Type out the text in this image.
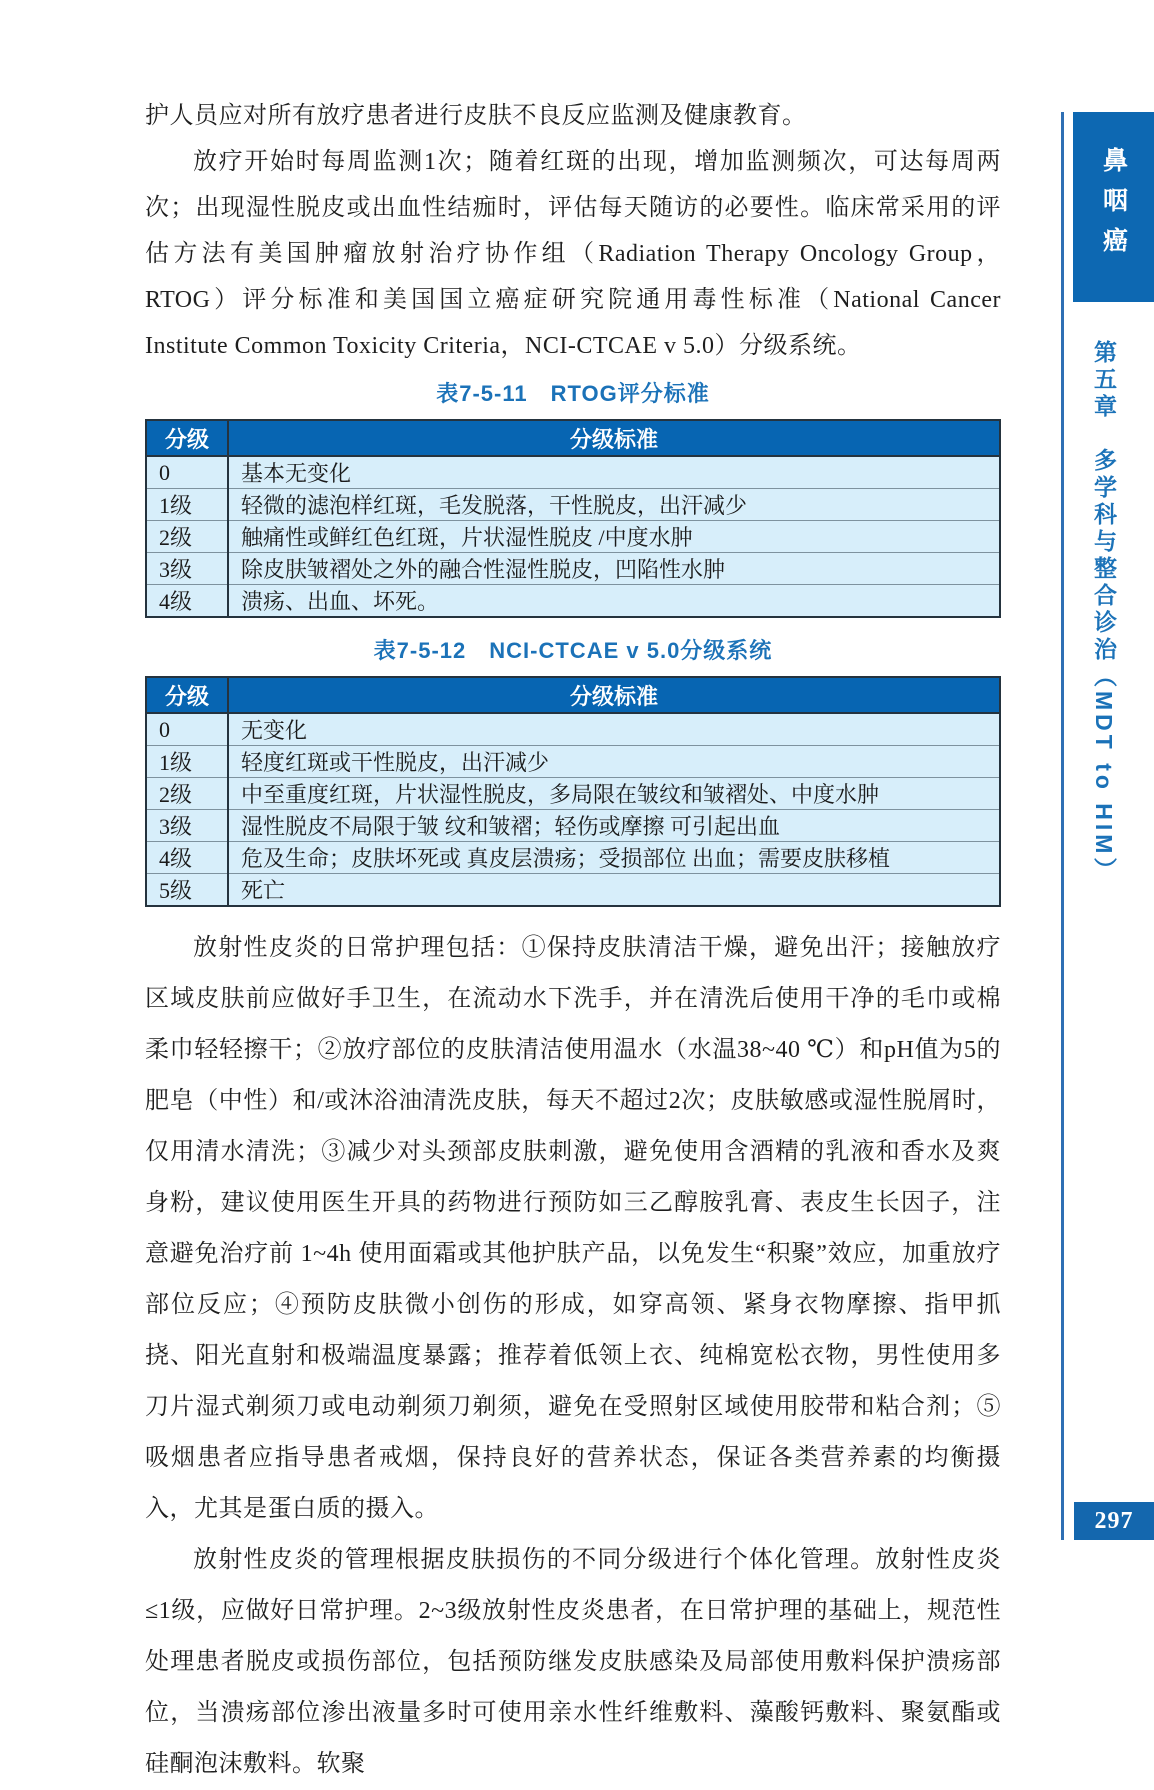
护人员应对所有放疗患者进行皮肤不良反应监测及健康教育。

放疗开始时每周监测1次；随着红斑的出现，增加监测频次，可达每周两次；出现湿性脱皮或出血性结痂时，评估每天随访的必要性。临床常采用的评估方法有美国肿瘤放射治疗协作组（Radiation Therapy Oncology Group，RTOG）评分标准和美国国立癌症研究院通用毒性标准（National Cancer Institute Common Toxicity Criteria，NCI-CTCAE v 5.0）分级系统。

表7-5-11　RTOG评分标准
分级	分级标准
0	基本无变化
1级	轻微的滤泡样红斑，毛发脱落，干性脱皮，出汗减少
2级	触痛性或鲜红色红斑，片状湿性脱皮 /中度水肿
3级	除皮肤皱褶处之外的融合性湿性脱皮，凹陷性水肿
4级	溃疡、出血、坏死。
表7-5-12　NCI-CTCAE v 5.0分级系统
分级	分级标准
0	无变化
1级	轻度红斑或干性脱皮，出汗减少
2级	中至重度红斑，片状湿性脱皮，多局限在皱纹和皱褶处、中度水肿
3级	湿性脱皮不局限于皱 纹和皱褶；轻伤或摩擦 可引起出血
4级	危及生命；皮肤坏死或 真皮层溃疡；受损部位 出血；需要皮肤移植
5级	死亡

放射性皮炎的日常护理包括：①保持皮肤清洁干燥，避免出汗；接触放疗区域皮肤前应做好手卫生，在流动水下洗手，并在清洗后使用干净的毛巾或棉柔巾轻轻擦干；②放疗部位的皮肤清洁使用温水（水温38~40 ℃）和pH值为5的肥皂（中性）和/或沐浴油清洗皮肤，每天不超过2次；皮肤敏感或湿性脱屑时，仅用清水清洗；③减少对头颈部皮肤刺激，避免使用含酒精的乳液和香水及爽身粉，建议使用医生开具的药物进行预防如三乙醇胺乳膏、表皮生长因子，注意避免治疗前 1~4h 使用面霜或其他护肤产品，以免发生“积聚”效应，加重放疗部位反应；④预防皮肤微小创伤的形成，如穿高领、紧身衣物摩擦、指甲抓挠、阳光直射和极端温度暴露；推荐着低领上衣、纯棉宽松衣物，男性使用多刀片湿式剃须刀或电动剃须刀剃须，避免在受照射区域使用胶带和粘合剂；⑤吸烟患者应指导患者戒烟，保持良好的营养状态，保证各类营养素的均衡摄入，尤其是蛋白质的摄入。

放射性皮炎的管理根据皮肤损伤的不同分级进行个体化管理。放射性皮炎≤1级，应做好日常护理。2~3级放射性皮炎患者，在日常护理的基础上，规范性处理患者脱皮或损伤部位，包括预防继发皮肤感染及局部使用敷料保护溃疡部位，当溃疡部位渗出液量多时可使用亲水性纤维敷料、藻酸钙敷料、聚氨酯或硅酮泡沫敷料。软聚

鼻咽癌
第五章　多学科与整合诊治（MDT to HIM）
297
